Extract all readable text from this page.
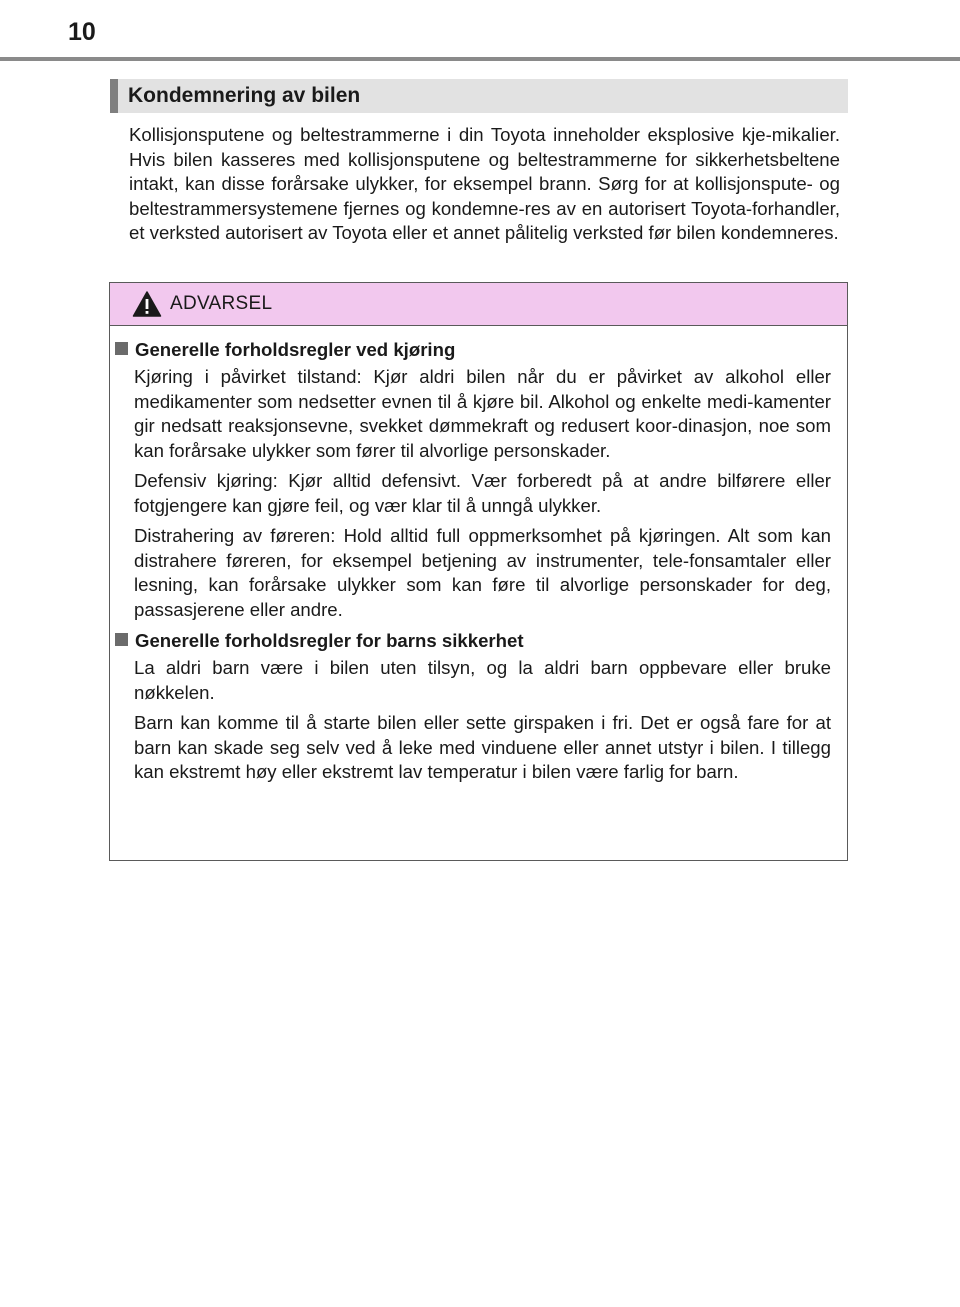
10
Kondemnering av bilen

Kollisjonsputene og beltestrammerne i din Toyota inneholder eksplosive kje-mikalier. Hvis bilen kasseres med kollisjonsputene og beltestrammerne for sikkerhetsbeltene intakt, kan disse forårsake ulykker, for eksempel brann. Sørg for at kollisjonspute- og beltestrammersystemene fjernes og kondemne-res av en autorisert Toyota-forhandler, et verksted autorisert av Toyota eller et annet pålitelig verksted før bilen kondemneres.

ADVARSEL
Generelle forholdsregler ved kjøring

Kjøring i påvirket tilstand: Kjør aldri bilen når du er påvirket av alkohol eller medikamenter som nedsetter evnen til å kjøre bil. Alkohol og enkelte medi-kamenter gir nedsatt reaksjonsevne, svekket dømmekraft og redusert koor-dinasjon, noe som kan forårsake ulykker som fører til alvorlige personskader.

Defensiv kjøring: Kjør alltid defensivt. Vær forberedt på at andre bilførere eller fotgjengere kan gjøre feil, og vær klar til å unngå ulykker.

Distrahering av føreren: Hold alltid full oppmerksomhet på kjøringen. Alt som kan distrahere føreren, for eksempel betjening av instrumenter, tele-fonsamtaler eller lesning, kan forårsake ulykker som kan føre til alvorlige personskader for deg, passasjerene eller andre.

Generelle forholdsregler for barns sikkerhet

La aldri barn være i bilen uten tilsyn, og la aldri barn oppbevare eller bruke nøkkelen.

Barn kan komme til å starte bilen eller sette girspaken i fri. Det er også fare for at barn kan skade seg selv ved å leke med vinduene eller annet utstyr i bilen. I tillegg kan ekstremt høy eller ekstremt lav temperatur i bilen være farlig for barn.
